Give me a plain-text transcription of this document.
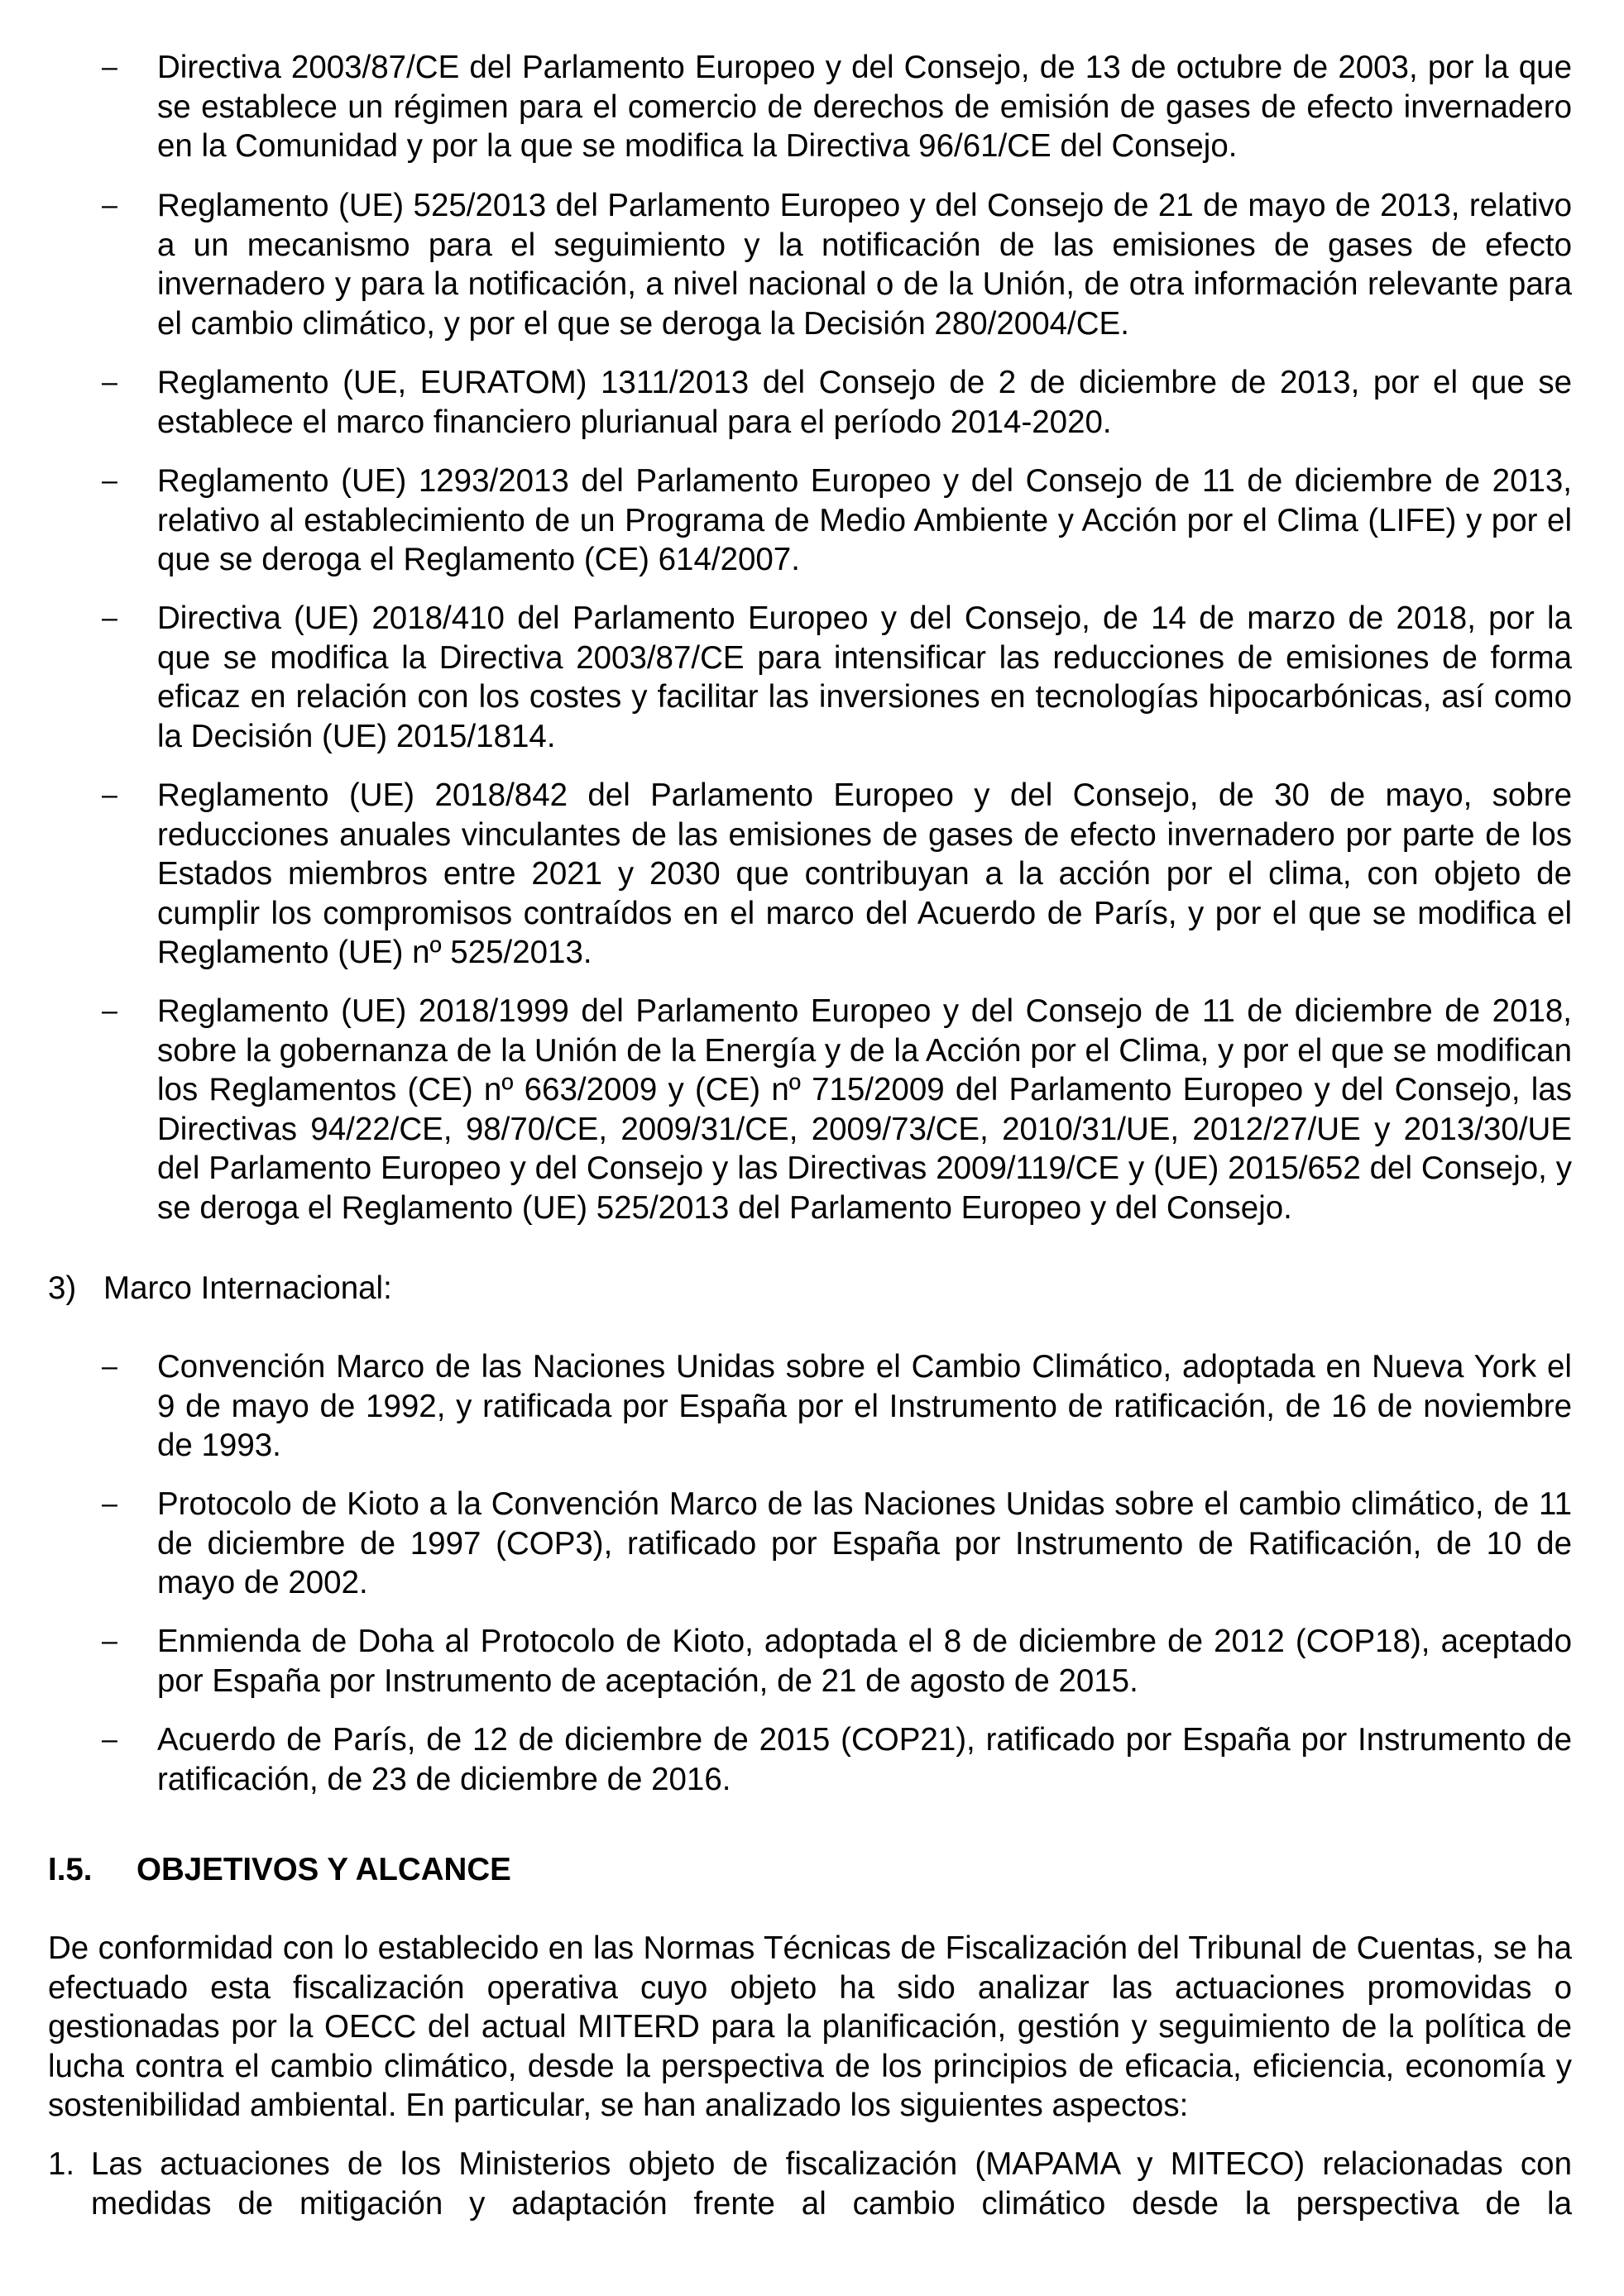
– Directiva 2003/87/CE del Parlamento Europeo y del Consejo, de 13 de octubre de 2003, por la que se establece un régimen para el comercio de derechos de emisión de gases de efecto invernadero en la Comunidad y por la que se modifica la Directiva 96/61/CE del Consejo.

– Reglamento (UE) 525/2013 del Parlamento Europeo y del Consejo de 21 de mayo de 2013, relativo a un mecanismo para el seguimiento y la notificación de las emisiones de gases de efecto invernadero y para la notificación, a nivel nacional o de la Unión, de otra información relevante para el cambio climático, y por el que se deroga la Decisión 280/2004/CE.

– Reglamento (UE, EURATOM) 1311/2013 del Consejo de 2 de diciembre de 2013, por el que se establece el marco financiero plurianual para el período 2014-2020.

– Reglamento (UE) 1293/2013 del Parlamento Europeo y del Consejo de 11 de diciembre de 2013, relativo al establecimiento de un Programa de Medio Ambiente y Acción por el Clima (LIFE) y por el que se deroga el Reglamento (CE) 614/2007.

– Directiva (UE) 2018/410 del Parlamento Europeo y del Consejo, de 14 de marzo de 2018, por la que se modifica la Directiva 2003/87/CE para intensificar las reducciones de emisiones de forma eficaz en relación con los costes y facilitar las inversiones en tecnologías hipocarbónicas, así como la Decisión (UE) 2015/1814.

– Reglamento (UE) 2018/842 del Parlamento Europeo y del Consejo, de 30 de mayo, sobre reducciones anuales vinculantes de las emisiones de gases de efecto invernadero por parte de los Estados miembros entre 2021 y 2030 que contribuyan a la acción por el clima, con objeto de cumplir los compromisos contraídos en el marco del Acuerdo de París, y por el que se modifica el Reglamento (UE) nº 525/2013.

– Reglamento (UE) 2018/1999 del Parlamento Europeo y del Consejo de 11 de diciembre de 2018, sobre la gobernanza de la Unión de la Energía y de la Acción por el Clima, y por el que se modifican los Reglamentos (CE) nº 663/2009 y (CE) nº 715/2009 del Parlamento Europeo y del Consejo, las Directivas 94/22/CE, 98/70/CE, 2009/31/CE, 2009/73/CE, 2010/31/UE, 2012/27/UE y 2013/30/UE del Parlamento Europeo y del Consejo y las Directivas 2009/119/CE y (UE) 2015/652 del Consejo, y se deroga el Reglamento (UE) 525/2013 del Parlamento Europeo y del Consejo.

3) Marco Internacional:
– Convención Marco de las Naciones Unidas sobre el Cambio Climático, adoptada en Nueva York el 9 de mayo de 1992, y ratificada por España por el Instrumento de ratificación, de 16 de noviembre de 1993.

– Protocolo de Kioto a la Convención Marco de las Naciones Unidas sobre el cambio climático, de 11 de diciembre de 1997 (COP3), ratificado por España por Instrumento de Ratificación, de 10 de mayo de 2002.

– Enmienda de Doha al Protocolo de Kioto, adoptada el 8 de diciembre de 2012 (COP18), aceptado por España por Instrumento de aceptación, de 21 de agosto de 2015.

– Acuerdo de París, de 12 de diciembre de 2015 (COP21), ratificado por España por Instrumento de ratificación, de 23 de diciembre de 2016.

I.5. OBJETIVOS Y ALCANCE

De conformidad con lo establecido en las Normas Técnicas de Fiscalización del Tribunal de Cuentas, se ha efectuado esta fiscalización operativa cuyo objeto ha sido analizar las actuaciones promovidas o gestionadas por la OECC del actual MITERD para la planificación, gestión y seguimiento de la política de lucha contra el cambio climático, desde la perspectiva de los principios de eficacia, eficiencia, economía y sostenibilidad ambiental. En particular, se han analizado los siguientes aspectos:

1. Las actuaciones de los Ministerios objeto de fiscalización (MAPAMA y MITECO) relacionadas con medidas de mitigación y adaptación frente al cambio climático desde la perspectiva de la
